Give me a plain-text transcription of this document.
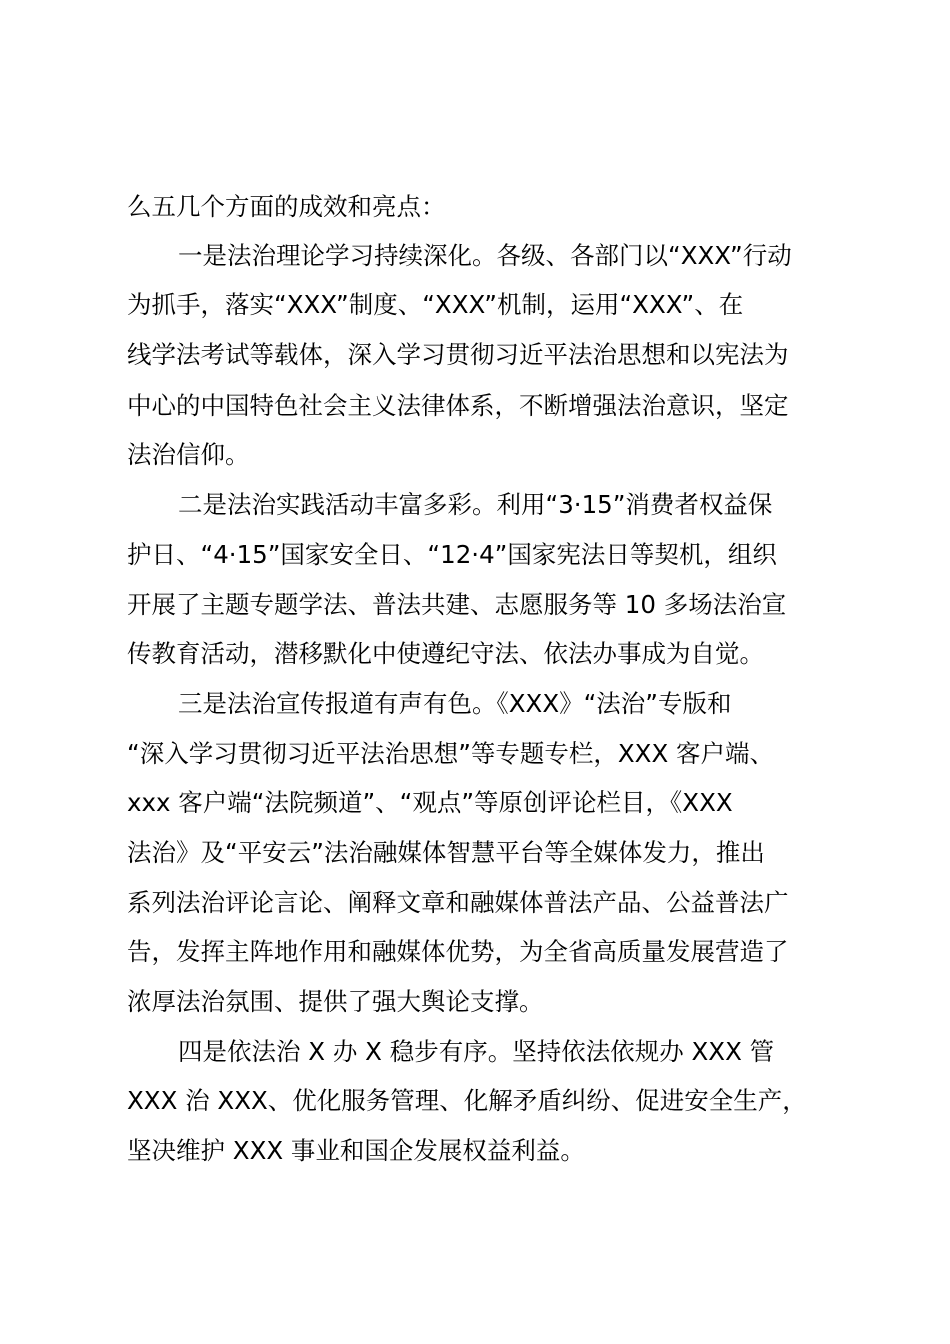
么五几个方面的成效和亮点：
一是法治理论学习持续深化。各级、各部门以“XXX”行动
为抓手，落实“XXX”制度、“XXX”机制，运用“XXX”、在
线学法考试等载体，深入学习贯彻习近平法治思想和以宪法为
中心的中国特色社会主义法律体系，不断增强法治意识，坚定
法治信仰。
二是法治实践活动丰富多彩。利用“3·15”消费者权益保
护日、“4·15”国家安全日、“12·4”国家宪法日等契机，组织
开展了主题专题学法、普法共建、志愿服务等 10 多场法治宣
传教育活动，潜移默化中使遵纪守法、依法办事成为自觉。
三是法治宣传报道有声有色。《XXX》“法治”专版和
“深入学习贯彻习近平法治思想”等专题专栏，XXX 客户端、
xxx 客户端“法院频道”、“观点”等原创评论栏目，《XXX
法治》及“平安云”法治融媒体智慧平台等全媒体发力，推出
系列法治评论言论、阐释文章和融媒体普法产品、公益普法广
告，发挥主阵地作用和融媒体优势，为全省高质量发展营造了
浓厚法治氛围、提供了强大舆论支撑。
四是依法治 X 办 X 稳步有序。坚持依法依规办 XXX 管
XXX 治 XXX、优化服务管理、化解矛盾纠纷、促进安全生产，
坚决维护 XXX 事业和国企发展权益利益。
